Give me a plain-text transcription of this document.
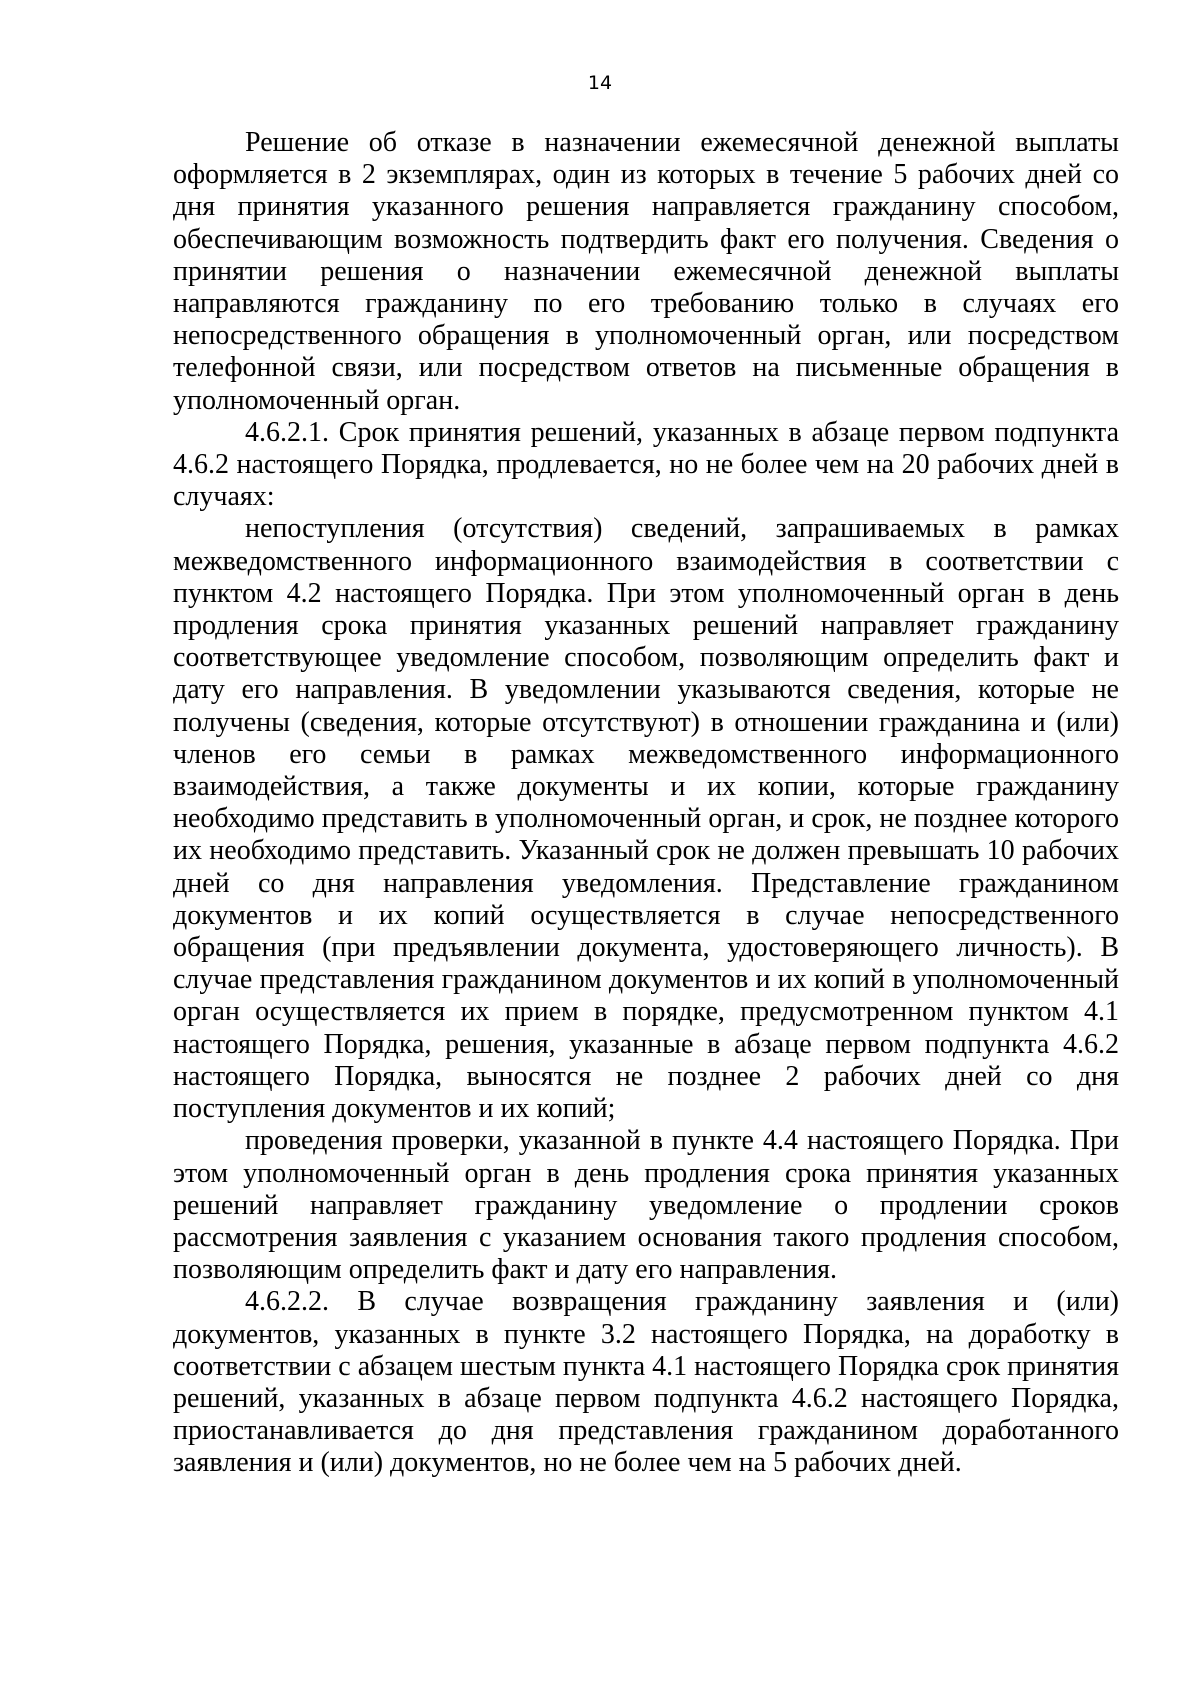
14

Решение об отказе в назначении ежемесячной денежной выплаты оформляется в 2 экземплярах, один из которых в течение 5 рабочих дней со дня принятия указанного решения направляется гражданину способом, обеспечивающим возможность подтвердить факт его получения. Сведения о принятии решения о назначении ежемесячной денежной выплаты направляются гражданину по его требованию только в случаях его непосредственного обращения в уполномоченный орган, или посредством телефонной связи, или посредством ответов на письменные обращения в уполномоченный орган.

4.6.2.1. Срок принятия решений, указанных в абзаце первом подпункта 4.6.2 настоящего Порядка, продлевается, но не более чем на 20 рабочих дней в случаях:

непоступления (отсутствия) сведений, запрашиваемых в рамках межведомственного информационного взаимодействия в соответствии с пунктом 4.2 настоящего Порядка. При этом уполномоченный орган в день продления срока принятия указанных решений направляет гражданину соответствующее уведомление способом, позволяющим определить факт и дату его направления. В уведомлении указываются сведения, которые не получены (сведения, которые отсутствуют) в отношении гражданина и (или) членов его семьи в рамках межведомственного информационного взаимодействия, а также документы и их копии, которые гражданину необходимо представить в уполномоченный орган, и срок, не позднее которого их необходимо представить. Указанный срок не должен превышать 10 рабочих дней со дня направления уведомления. Представление гражданином документов и их копий осуществляется в случае непосредственного обращения (при предъявлении документа, удостоверяющего личность). В случае представления гражданином документов и их копий в уполномоченный орган осуществляется их прием в порядке, предусмотренном пунктом 4.1 настоящего Порядка, решения, указанные в абзаце первом подпункта 4.6.2 настоящего Порядка, выносятся не позднее 2 рабочих дней со дня поступления документов и их копий;

проведения проверки, указанной в пункте 4.4 настоящего Порядка. При этом уполномоченный орган в день продления срока принятия указанных решений направляет гражданину уведомление о продлении сроков рассмотрения заявления с указанием основания такого продления способом, позволяющим определить факт и дату его направления.

4.6.2.2. В случае возвращения гражданину заявления и (или) документов, указанных в пункте 3.2 настоящего Порядка, на доработку в соответствии с абзацем шестым пункта 4.1 настоящего Порядка срок принятия решений, указанных в абзаце первом подпункта 4.6.2 настоящего Порядка, приостанавливается до дня представления гражданином доработанного заявления и (или) документов, но не более чем на 5 рабочих дней.
